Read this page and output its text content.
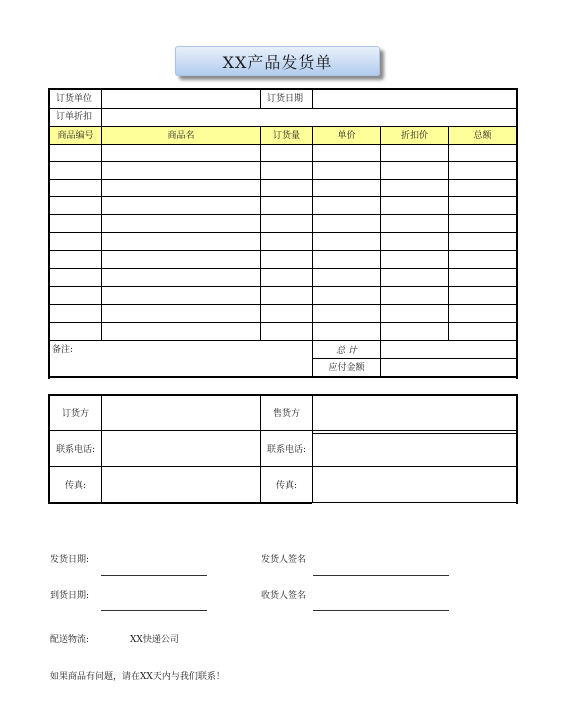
XX产品发货单
订货单位	订货日期
订单折扣
商品编号	商品名	订货量	单价	折扣价	总额
备注:	总 计
应付金额
订货方	售货方
联系电话:	联系电话:
传真:	传真:
发货日期:	发货人签名
到货日期:	收货人签名
配送物流:	XX快递公司
如果商品有问题，请在XX天内与我们联系！
